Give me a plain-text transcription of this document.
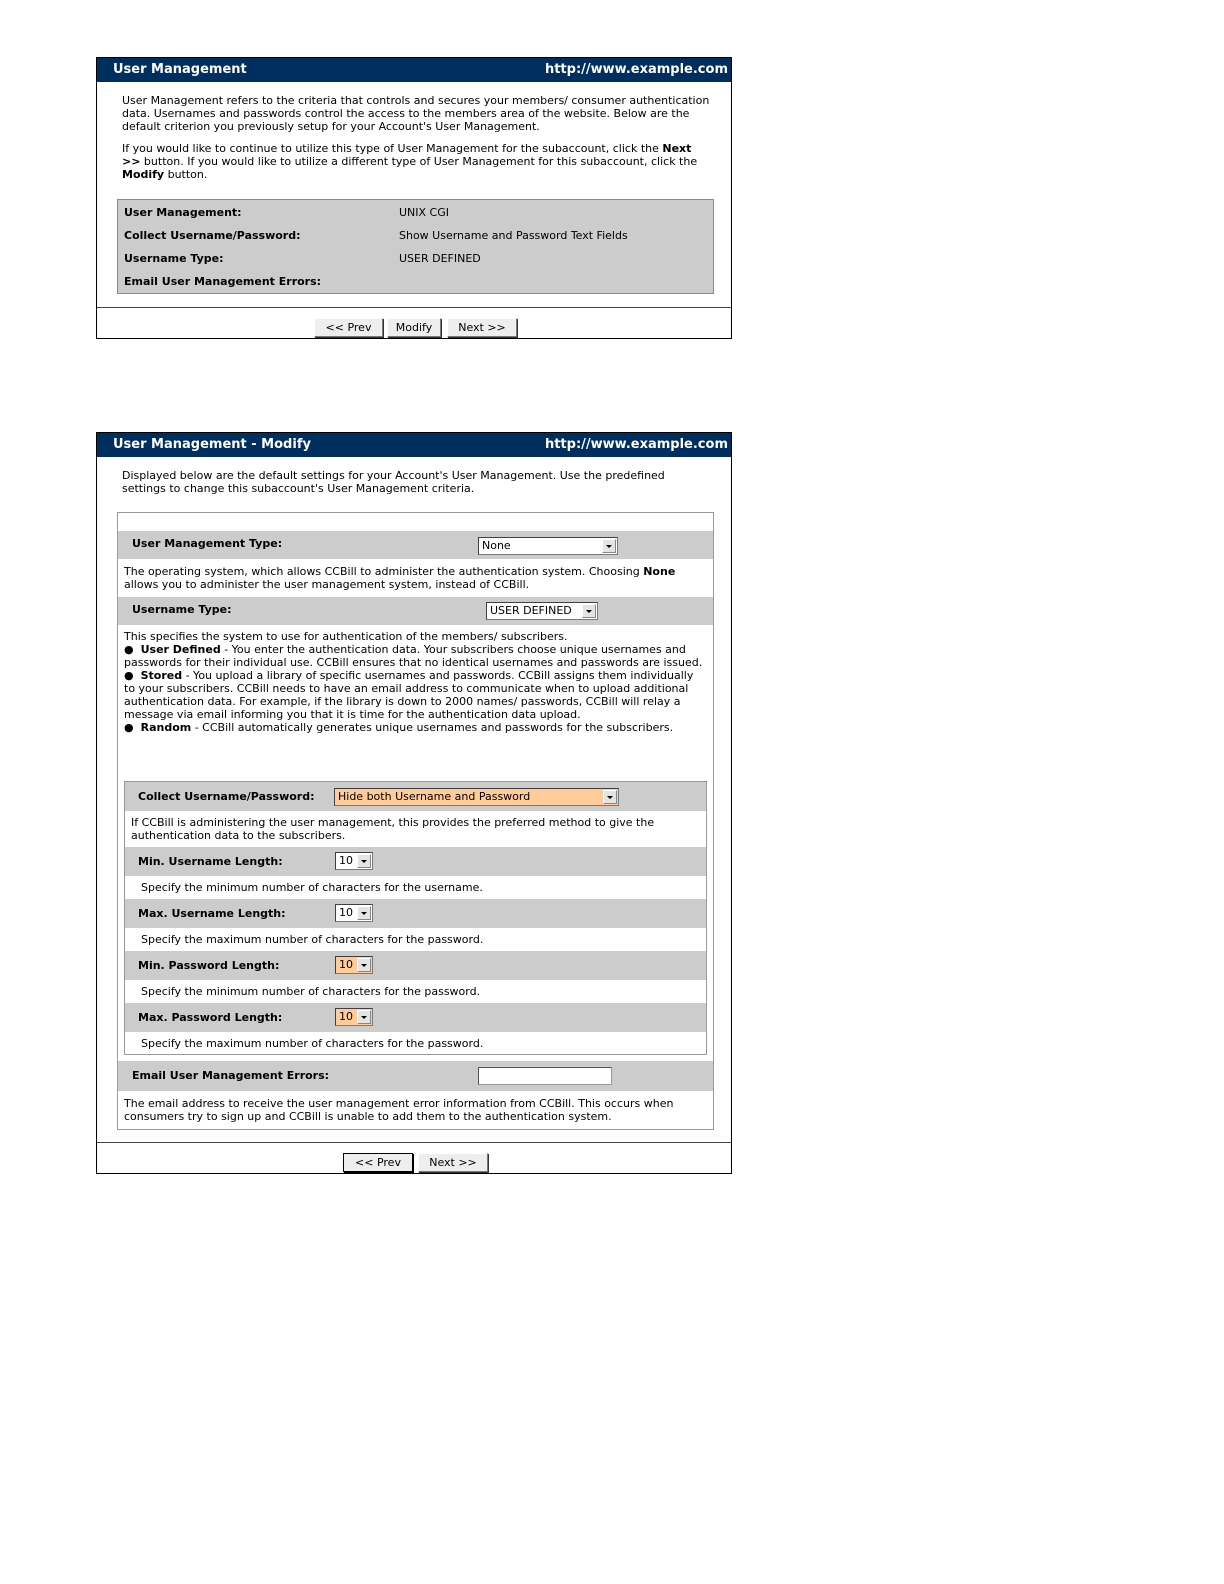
User Management	http://www.example.com

User Management refers to the criteria that controls and secures your members/ consumer authentication data. Usernames and passwords control the access to the members area of the website. Below are the default criterion you previously setup for your Account's User Management.

If you would like to continue to utilize this type of User Management for the subaccount, click the Next >> button. If you would like to utilize a different type of User Management for this subaccount, click the Modify button.

User Management:	UNIX CGI
Collect Username/Password:	Show Username and Password Text Fields
Username Type:	USER DEFINED
Email User Management Errors:
<< Prev	Modify	Next >>
User Management - Modify	http://www.example.com

Displayed below are the default settings for your Account's User Management. Use the predefined settings to change this subaccount's User Management criteria.

User Management Type:	None

The operating system, which allows CCBill to administer the authentication system. Choosing None allows you to administer the user management system, instead of CCBill.

Username Type:	USER DEFINED
This specifies the system to use for authentication of the members/ subscribers.
●  User Defined - You enter the authentication data. Your subscribers choose unique usernames and passwords for their individual use. CCBill ensures that no identical usernames and passwords are issued.
●  Stored - You upload a library of specific usernames and passwords. CCBill assigns them individually to your subscribers. CCBill needs to have an email address to communicate when to upload additional authentication data. For example, if the library is down to 2000 names/ passwords, CCBill will relay a message via email informing you that it is time for the authentication data upload.
●  Random - CCBill automatically generates unique usernames and passwords for the subscribers.
Collect Username/Password:	Hide both Username and Password

If CCBill is administering the user management, this provides the preferred method to give the authentication data to the subscribers.

Min. Username Length:	10

Specify the minimum number of characters for the username.

Max. Username Length:	10

Specify the maximum number of characters for the password.

Min. Password Length:	10

Specify the minimum number of characters for the password.

Max. Password Length:	10

Specify the maximum number of characters for the password.

Email User Management Errors:

The email address to receive the user management error information from CCBill. This occurs when consumers try to sign up and CCBill is unable to add them to the authentication system.

<< Prev	Next >>
